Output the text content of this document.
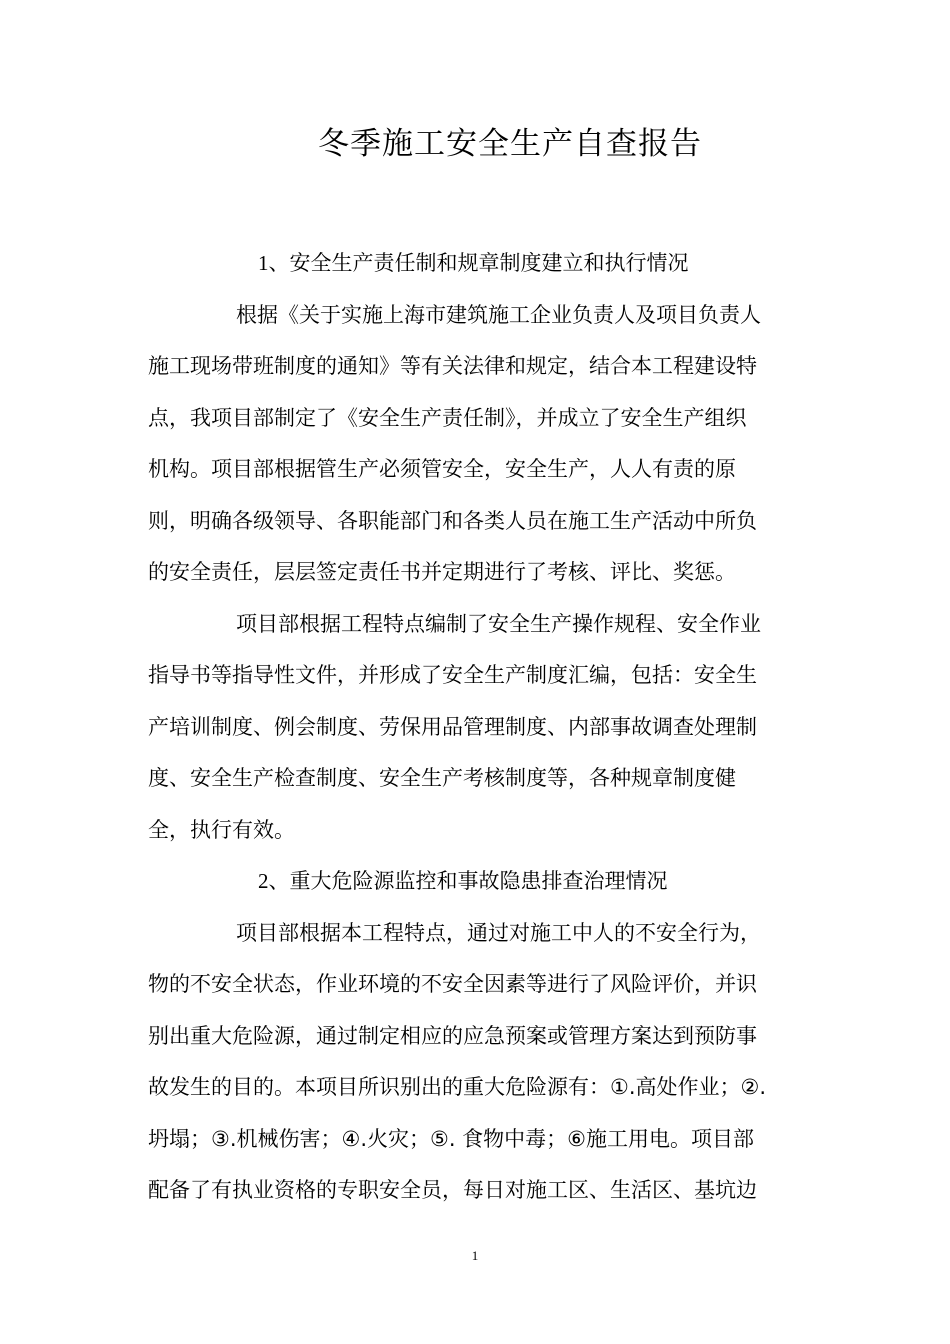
冬季施工安全生产自查报告

1、安全生产责任制和规章制度建立和执行情况

根据《关于实施上海市建筑施工企业负责人及项目负责人
施工现场带班制度的通知》等有关法律和规定，结合本工程建设特
点，我项目部制定了《安全生产责任制》，并成立了安全生产组织
机构。项目部根据管生产必须管安全，安全生产，人人有责的原
则，明确各级领导、各职能部门和各类人员在施工生产活动中所负
的安全责任，层层签定责任书并定期进行了考核、评比、奖惩。

项目部根据工程特点编制了安全生产操作规程、安全作业
指导书等指导性文件，并形成了安全生产制度汇编，包括：安全生
产培训制度、例会制度、劳保用品管理制度、内部事故调查处理制
度、安全生产检查制度、安全生产考核制度等，各种规章制度健
全，执行有效。

2、重大危险源监控和事故隐患排查治理情况

项目部根据本工程特点，通过对施工中人的不安全行为，
物的不安全状态，作业环境的不安全因素等进行了风险评价，并识
别出重大危险源，通过制定相应的应急预案或管理方案达到预防事
故发生的目的。本项目所识别出的重大危险源有：①.高处作业；②.
坍塌；③.机械伤害；④.火灾；⑤. 食物中毒；⑥施工用电。项目部
配备了有执业资格的专职安全员，每日对施工区、生活区、基坑边

1
